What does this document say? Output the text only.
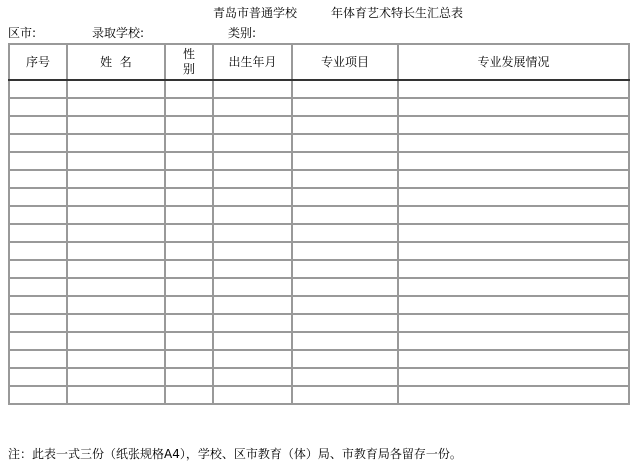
青岛市普通学校	年体育艺术特长生汇总表
区市:	录取学校:	类别:
序号	姓  名	性别	出生年月	专业项目	专业发展情况

注：此表一式三份（纸张规格A4），学校、区市教育（体）局、市教育局各留存一份。
